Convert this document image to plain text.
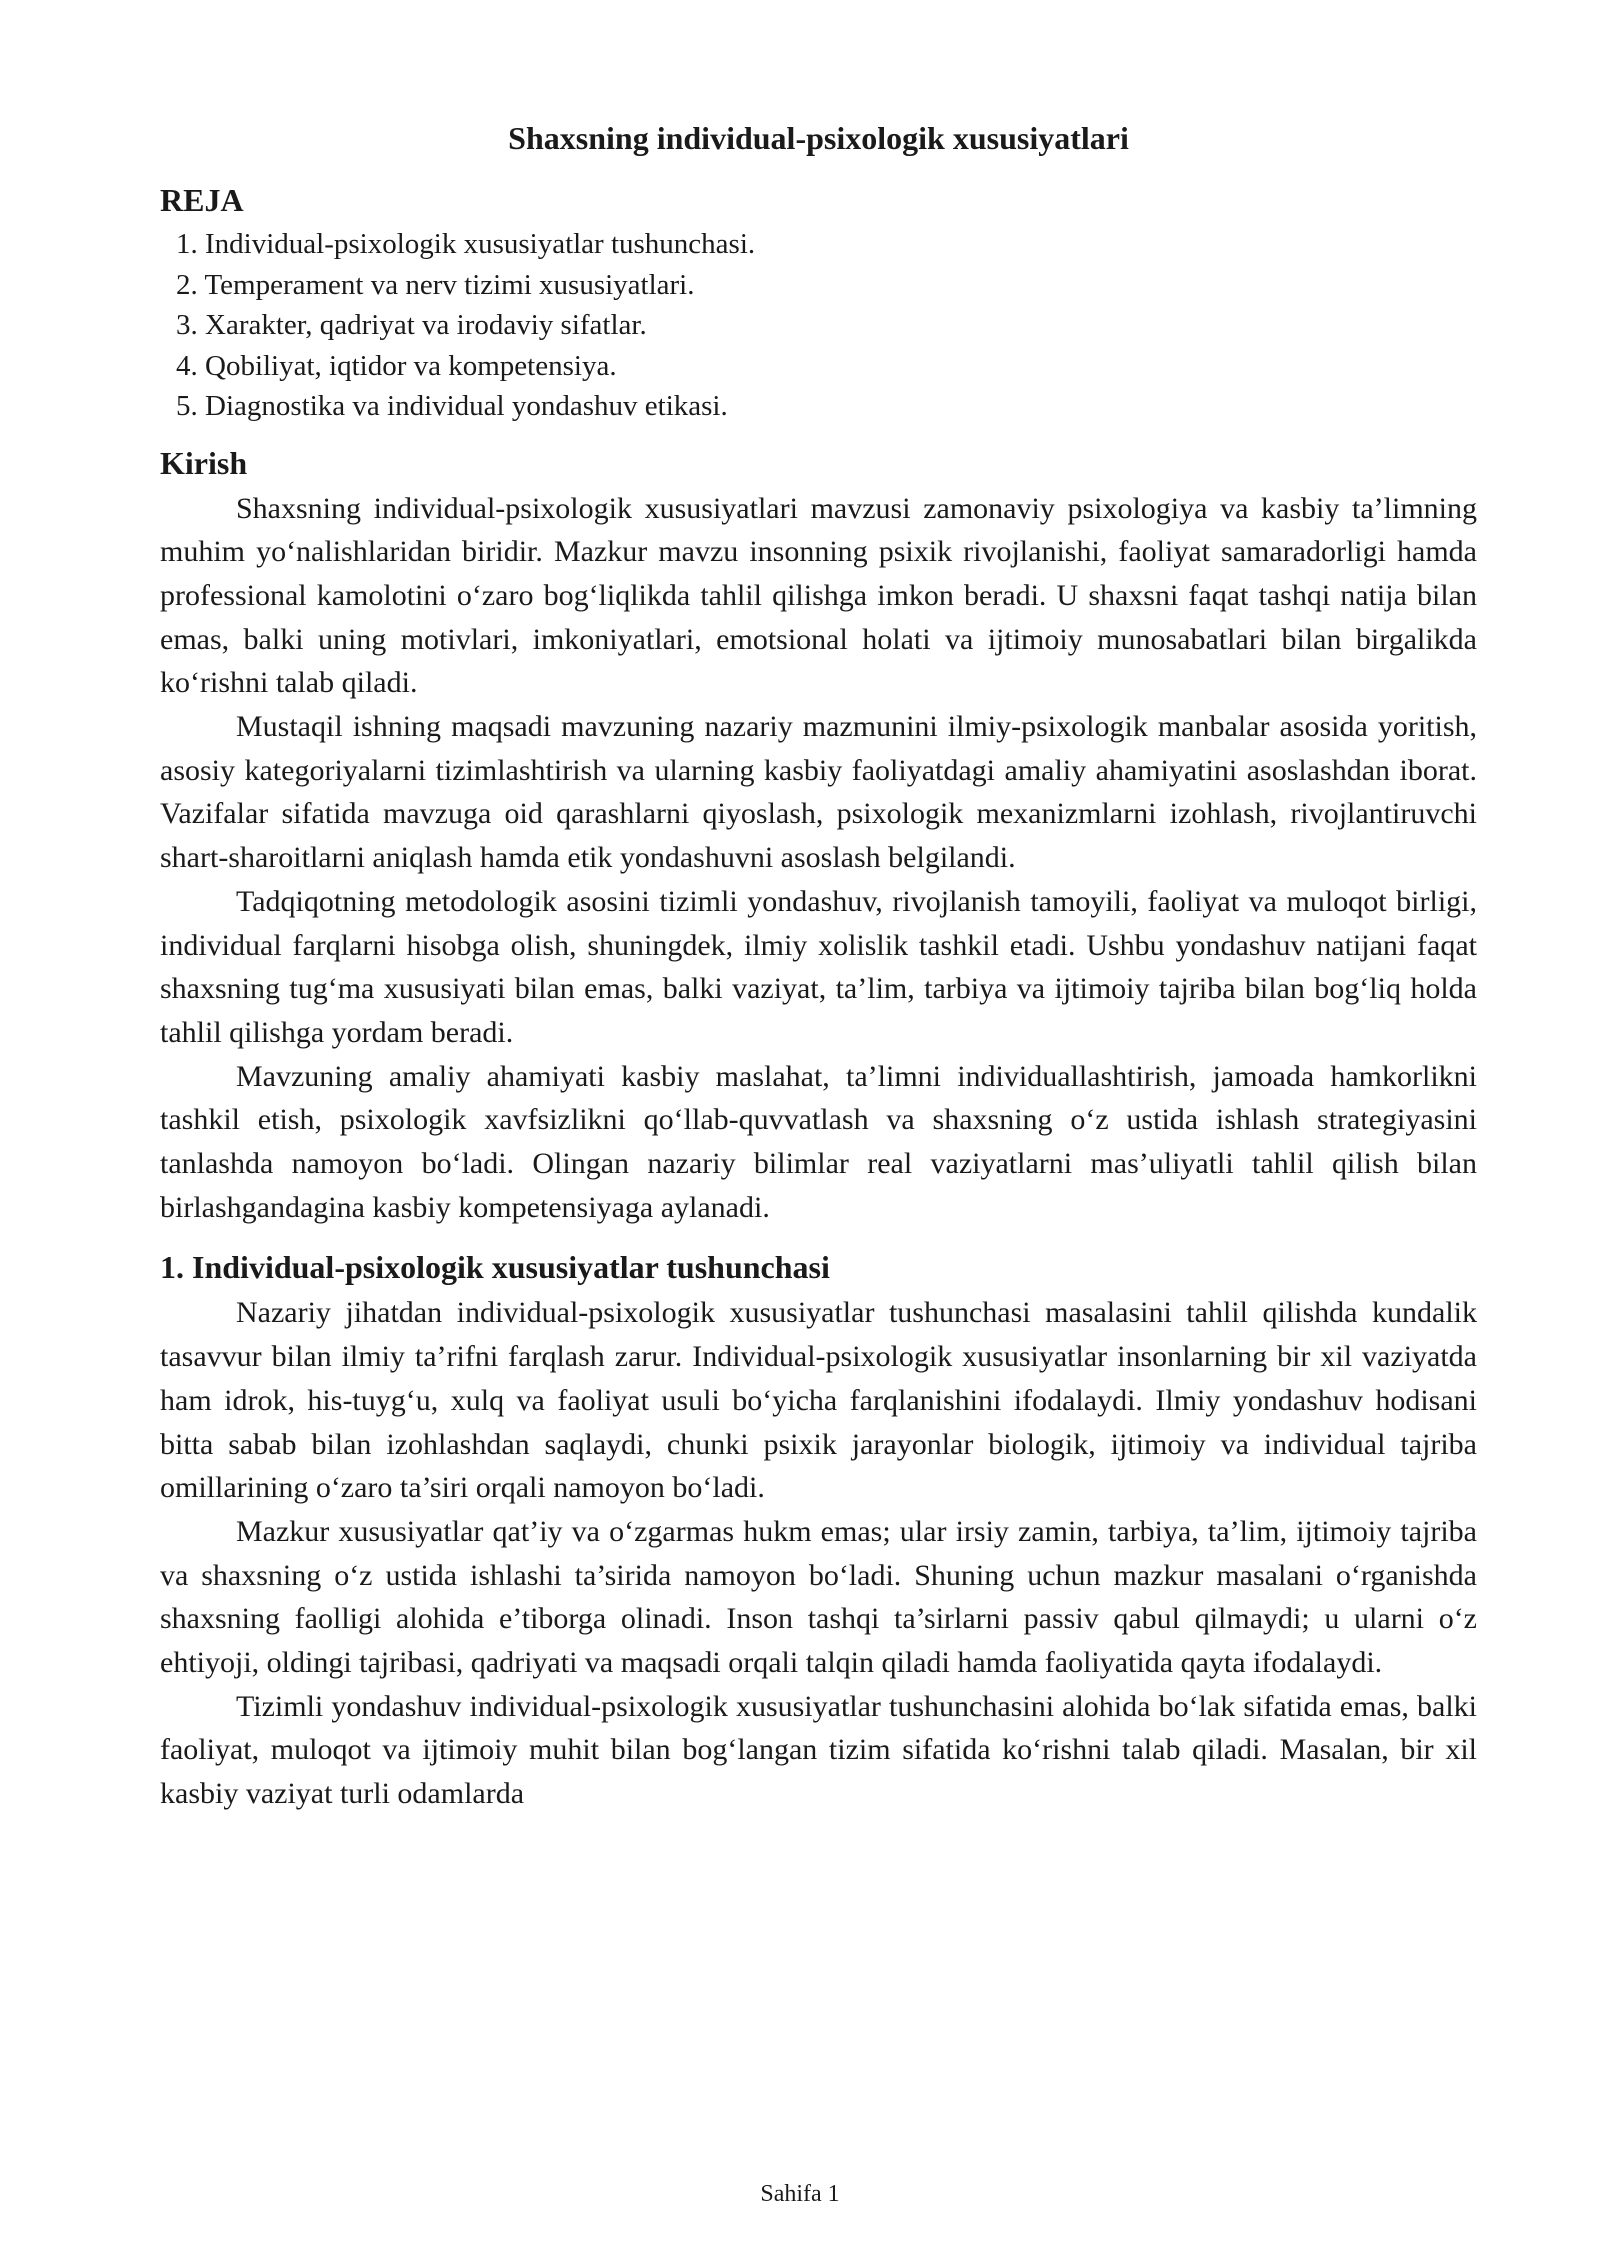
Shaxsning individual-psixologik xususiyatlari
REJA
1. Individual-psixologik xususiyatlar tushunchasi.
2. Temperament va nerv tizimi xususiyatlari.
3. Xarakter, qadriyat va irodaviy sifatlar.
4. Qobiliyat, iqtidor va kompetensiya.
5. Diagnostika va individual yondashuv etikasi.
Kirish

Shaxsning individual-psixologik xususiyatlari mavzusi zamonaviy psixologiya va kasbiy ta’limning muhim yo‘nalishlaridan biridir. Mazkur mavzu insonning psixik rivojlanishi, faoliyat samaradorligi hamda professional kamolotini o‘zaro bog‘liqlikda tahlil qilishga imkon beradi. U shaxsni faqat tashqi natija bilan emas, balki uning motivlari, imkoniyatlari, emotsional holati va ijtimoiy munosabatlari bilan birgalikda ko‘rishni talab qiladi.

Mustaqil ishning maqsadi mavzuning nazariy mazmunini ilmiy-psixologik manbalar asosida yoritish, asosiy kategoriyalarni tizimlashtirish va ularning kasbiy faoliyatdagi amaliy ahamiyatini asoslashdan iborat. Vazifalar sifatida mavzuga oid qarashlarni qiyoslash, psixologik mexanizmlarni izohlash, rivojlantiruvchi shart-sharoitlarni aniqlash hamda etik yondashuvni asoslash belgilandi.

Tadqiqotning metodologik asosini tizimli yondashuv, rivojlanish tamoyili, faoliyat va muloqot birligi, individual farqlarni hisobga olish, shuningdek, ilmiy xolislik tashkil etadi. Ushbu yondashuv natijani faqat shaxsning tug‘ma xususiyati bilan emas, balki vaziyat, ta’lim, tarbiya va ijtimoiy tajriba bilan bog‘liq holda tahlil qilishga yordam beradi.

Mavzuning amaliy ahamiyati kasbiy maslahat, ta’limni individuallashtirish, jamoada hamkorlikni tashkil etish, psixologik xavfsizlikni qo‘llab-quvvatlash va shaxsning o‘z ustida ishlash strategiyasini tanlashda namoyon bo‘ladi. Olingan nazariy bilimlar real vaziyatlarni mas’uliyatli tahlil qilish bilan birlashgandagina kasbiy kompetensiyaga aylanadi.

1. Individual-psixologik xususiyatlar tushunchasi

Nazariy jihatdan individual-psixologik xususiyatlar tushunchasi masalasini tahlil qilishda kundalik tasavvur bilan ilmiy ta’rifni farqlash zarur. Individual-psixologik xususiyatlar insonlarning bir xil vaziyatda ham idrok, his-tuyg‘u, xulq va faoliyat usuli bo‘yicha farqlanishini ifodalaydi. Ilmiy yondashuv hodisani bitta sabab bilan izohlashdan saqlaydi, chunki psixik jarayonlar biologik, ijtimoiy va individual tajriba omillarining o‘zaro ta’siri orqali namoyon bo‘ladi.

Mazkur xususiyatlar qat’iy va o‘zgarmas hukm emas; ular irsiy zamin, tarbiya, ta’lim, ijtimoiy tajriba va shaxsning o‘z ustida ishlashi ta’sirida namoyon bo‘ladi. Shuning uchun mazkur masalani o‘rganishda shaxsning faolligi alohida e’tiborga olinadi. Inson tashqi ta’sirlarni passiv qabul qilmaydi; u ularni o‘z ehtiyoji, oldingi tajribasi, qadriyati va maqsadi orqali talqin qiladi hamda faoliyatida qayta ifodalaydi.

Tizimli yondashuv individual-psixologik xususiyatlar tushunchasini alohida bo‘lak sifatida emas, balki faoliyat, muloqot va ijtimoiy muhit bilan bog‘langan tizim sifatida ko‘rishni talab qiladi. Masalan, bir xil kasbiy vaziyat turli odamlarda

Sahifa 1
